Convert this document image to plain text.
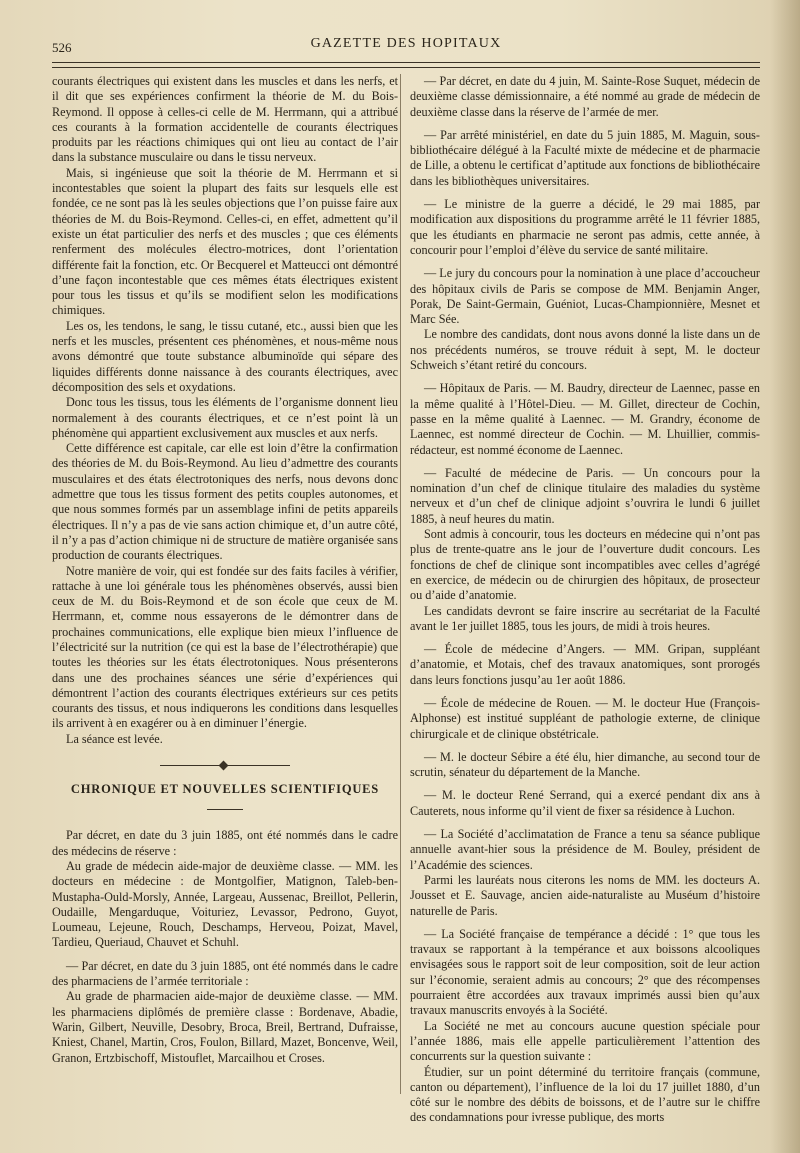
526	GAZETTE DES HOPITAUX

courants électriques qui existent dans les muscles et dans les nerfs, et il dit que ses expériences confirment la théorie de M. du Bois-Reymond. Il oppose à celles-ci celle de M. Herrmann, qui a attribué ces courants à la formation accidentelle de courants électriques produits par les réactions chimiques qui ont lieu au contact de l’air dans la substance musculaire ou dans le tissu nerveux.

Mais, si ingénieuse que soit la théorie de M. Herrmann et si incontestables que soient la plupart des faits sur lesquels elle est fondée, ce ne sont pas là les seules objections que l’on puisse faire aux théories de M. du Bois-Reymond. Celles-ci, en effet, admettent qu’il existe un état particulier des nerfs et des muscles ; que ces éléments renferment des molécules électro-motrices, dont l’orientation différente fait la fonction, etc. Or Becquerel et Matteucci ont démontré d’une façon incontestable que ces mêmes états électriques existent pour tous les tissus et qu’ils se modifient selon les modifications chimiques.

Les os, les tendons, le sang, le tissu cutané, etc., aussi bien que les nerfs et les muscles, présentent ces phénomènes, et nous-même nous avons démontré que toute substance albuminoïde qui sépare des liquides différents donne naissance à des courants électriques, avec décomposition des sels et oxydations.

Donc tous les tissus, tous les éléments de l’organisme donnent lieu normalement à des courants électriques, et ce n’est point là un phénomène qui appartient exclusivement aux muscles et aux nerfs.

Cette différence est capitale, car elle est loin d’être la confirmation des théories de M. du Bois-Reymond. Au lieu d’admettre des courants musculaires et des états électrotoniques des nerfs, nous devons donc admettre que tous les tissus forment des petits couples autonomes, et que nous sommes formés par un assemblage infini de petits appareils électriques. Il n’y a pas de vie sans action chimique et, d’un autre côté, il n’y a pas d’action chimique ni de structure de matière organisée sans production de courants électriques.

Notre manière de voir, qui est fondée sur des faits faciles à vérifier, rattache à une loi générale tous les phénomènes observés, aussi bien ceux de M. du Bois-Reymond et de son école que ceux de M. Herrmann, et, comme nous essayerons de le démontrer dans de prochaines communications, elle explique bien mieux l’influence de l’électricité sur la nutrition (ce qui est la base de l’électrothérapie) que toutes les théories sur les états électrotoniques. Nous présenterons dans une des prochaines séances une série d’expériences qui démontrent l’action des courants électriques extérieurs sur ces petits courants des tissus, et nous indiquerons les conditions dans lesquelles ils arrivent à en exagérer ou à en diminuer l’énergie.

La séance est levée.

CHRONIQUE ET NOUVELLES SCIENTIFIQUES

Par décret, en date du 3 juin 1885, ont été nommés dans le cadre des médecins de réserve :

Au grade de médecin aide-major de deuxième classe. — MM. les docteurs en médecine : de Montgolfier, Matignon, Taleb-ben-Mustapha-Ould-Morsly, Année, Largeau, Aussenac, Breillot, Pellerin, Oudaille, Mengarduque, Voituriez, Levassor, Pedrono, Guyot, Loumeau, Lejeune, Rouch, Deschamps, Herveou, Poizat, Mavel, Tardieu, Queriaud, Chauvet et Schuhl.

— Par décret, en date du 3 juin 1885, ont été nommés dans le cadre des pharmaciens de l’armée territoriale :

Au grade de pharmacien aide-major de deuxième classe. — MM. les pharmaciens diplômés de première classe : Bordenave, Abadie, Warin, Gilbert, Neuville, Desobry, Broca, Breil, Bertrand, Dufraisse, Kniest, Chanel, Martin, Cros, Foulon, Billard, Mazet, Boncenve, Weil, Granon, Ertzbischoff, Mistouflet, Marcailhou et Croses.

— Par décret, en date du 4 juin, M. Sainte-Rose Suquet, médecin de deuxième classe démissionnaire, a été nommé au grade de médecin de deuxième classe dans la réserve de l’armée de mer.

— Par arrêté ministériel, en date du 5 juin 1885, M. Maguin, sous-bibliothécaire délégué à la Faculté mixte de médecine et de pharmacie de Lille, a obtenu le certificat d’aptitude aux fonctions de bibliothécaire dans les bibliothèques universitaires.

— Le ministre de la guerre a décidé, le 29 mai 1885, par modification aux dispositions du programme arrêté le 11 février 1885, que les étudiants en pharmacie ne seront pas admis, cette année, à concourir pour l’emploi d’élève du service de santé militaire.

— Le jury du concours pour la nomination à une place d’accoucheur des hôpitaux civils de Paris se compose de MM. Benjamin Anger, Porak, De Saint-Germain, Guéniot, Lucas-Championnière, Mesnet et Marc Sée.

Le nombre des candidats, dont nous avons donné la liste dans un de nos précédents numéros, se trouve réduit à sept, M. le docteur Schweich s’étant retiré du concours.

— Hôpitaux de Paris. — M. Baudry, directeur de Laennec, passe en la même qualité à l’Hôtel-Dieu. — M. Gillet, directeur de Cochin, passe en la même qualité à Laennec. — M. Grandry, économe de Laennec, est nommé directeur de Cochin. — M. Lhuillier, commis-rédacteur, est nommé économe de Laennec.

— Faculté de médecine de Paris. — Un concours pour la nomination d’un chef de clinique titulaire des maladies du système nerveux et d’un chef de clinique adjoint s’ouvrira le lundi 6 juillet 1885, à neuf heures du matin.

Sont admis à concourir, tous les docteurs en médecine qui n’ont pas plus de trente-quatre ans le jour de l’ouverture dudit concours. Les fonctions de chef de clinique sont incompatibles avec celles d’agrégé en exercice, de médecin ou de chirurgien des hôpitaux, de prosecteur ou d’aide d’anatomie.

Les candidats devront se faire inscrire au secrétariat de la Faculté avant le 1er juillet 1885, tous les jours, de midi à trois heures.

— École de médecine d’Angers. — MM. Gripan, suppléant d’anatomie, et Motais, chef des travaux anatomiques, sont prorogés dans leurs fonctions jusqu’au 1er août 1886.

— École de médecine de Rouen. — M. le docteur Hue (François-Alphonse) est institué suppléant de pathologie externe, de clinique chirurgicale et de clinique obstétricale.

— M. le docteur Sébire a été élu, hier dimanche, au second tour de scrutin, sénateur du département de la Manche.

— M. le docteur René Serrand, qui a exercé pendant dix ans à Cauterets, nous informe qu’il vient de fixer sa résidence à Luchon.

— La Société d’acclimatation de France a tenu sa séance publique annuelle avant-hier sous la présidence de M. Bouley, président de l’Académie des sciences.

Parmi les lauréats nous citerons les noms de MM. les docteurs A. Jousset et E. Sauvage, ancien aide-naturaliste au Muséum d’histoire naturelle de Paris.

— La Société française de tempérance a décidé : 1° que tous les travaux se rapportant à la tempérance et aux boissons alcooliques envisagées sous le rapport soit de leur composition, soit de leur action sur l’économie, seraient admis au concours; 2° que des récompenses pourraient être accordées aux travaux imprimés aussi bien qu’aux travaux manuscrits envoyés à la Société.

La Société ne met au concours aucune question spéciale pour l’année 1886, mais elle appelle particulièrement l’attention des concurrents sur la question suivante :

Étudier, sur un point déterminé du territoire français (commune, canton ou département), l’influence de la loi du 17 juillet 1880, d’un côté sur le nombre des débits de boissons, et de l’autre sur le chiffre des condamnations pour ivresse publique, des morts
